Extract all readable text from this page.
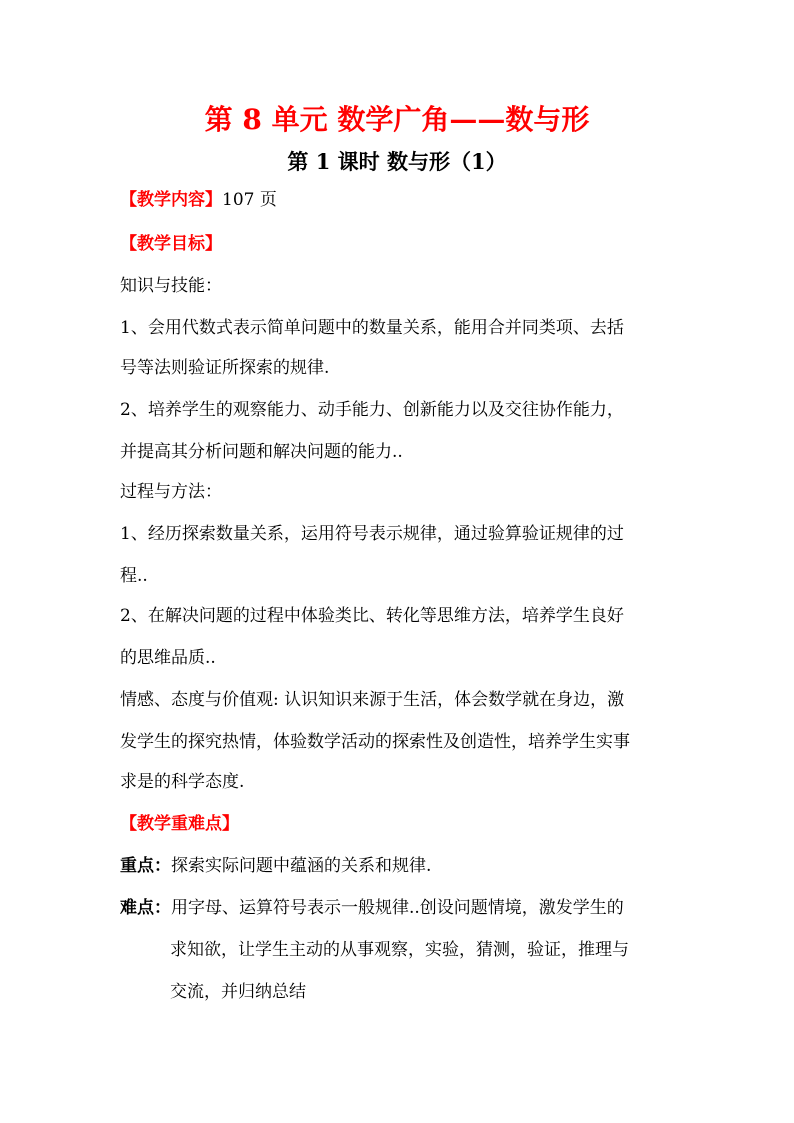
第 8 单元 数学广角——数与形
第 1 课时 数与形（1）
【教学内容】107 页
【教学目标】
知识与技能：
1、会用代数式表示简单问题中的数量关系，能用合并同类项、去括
号等法则验证所探索的规律.
2、培养学生的观察能力、动手能力、创新能力以及交往协作能力，
并提高其分析问题和解决问题的能力..
过程与方法：
1、经历探索数量关系，运用符号表示规律，通过验算验证规律的过
程..
2、在解决问题的过程中体验类比、转化等思维方法，培养学生良好
的思维品质..
情感、态度与价值观: 认识知识来源于生活，体会数学就在身边，激
发学生的探究热情，体验数学活动的探索性及创造性，培养学生实事
求是的科学态度.
【教学重难点】
重点：探索实际问题中蕴涵的关系和规律.
难点：用字母、运算符号表示一般规律..创设问题情境，激发学生的
求知欲，让学生主动的从事观察，实验，猜测，验证，推理与
交流，并归纳总结
